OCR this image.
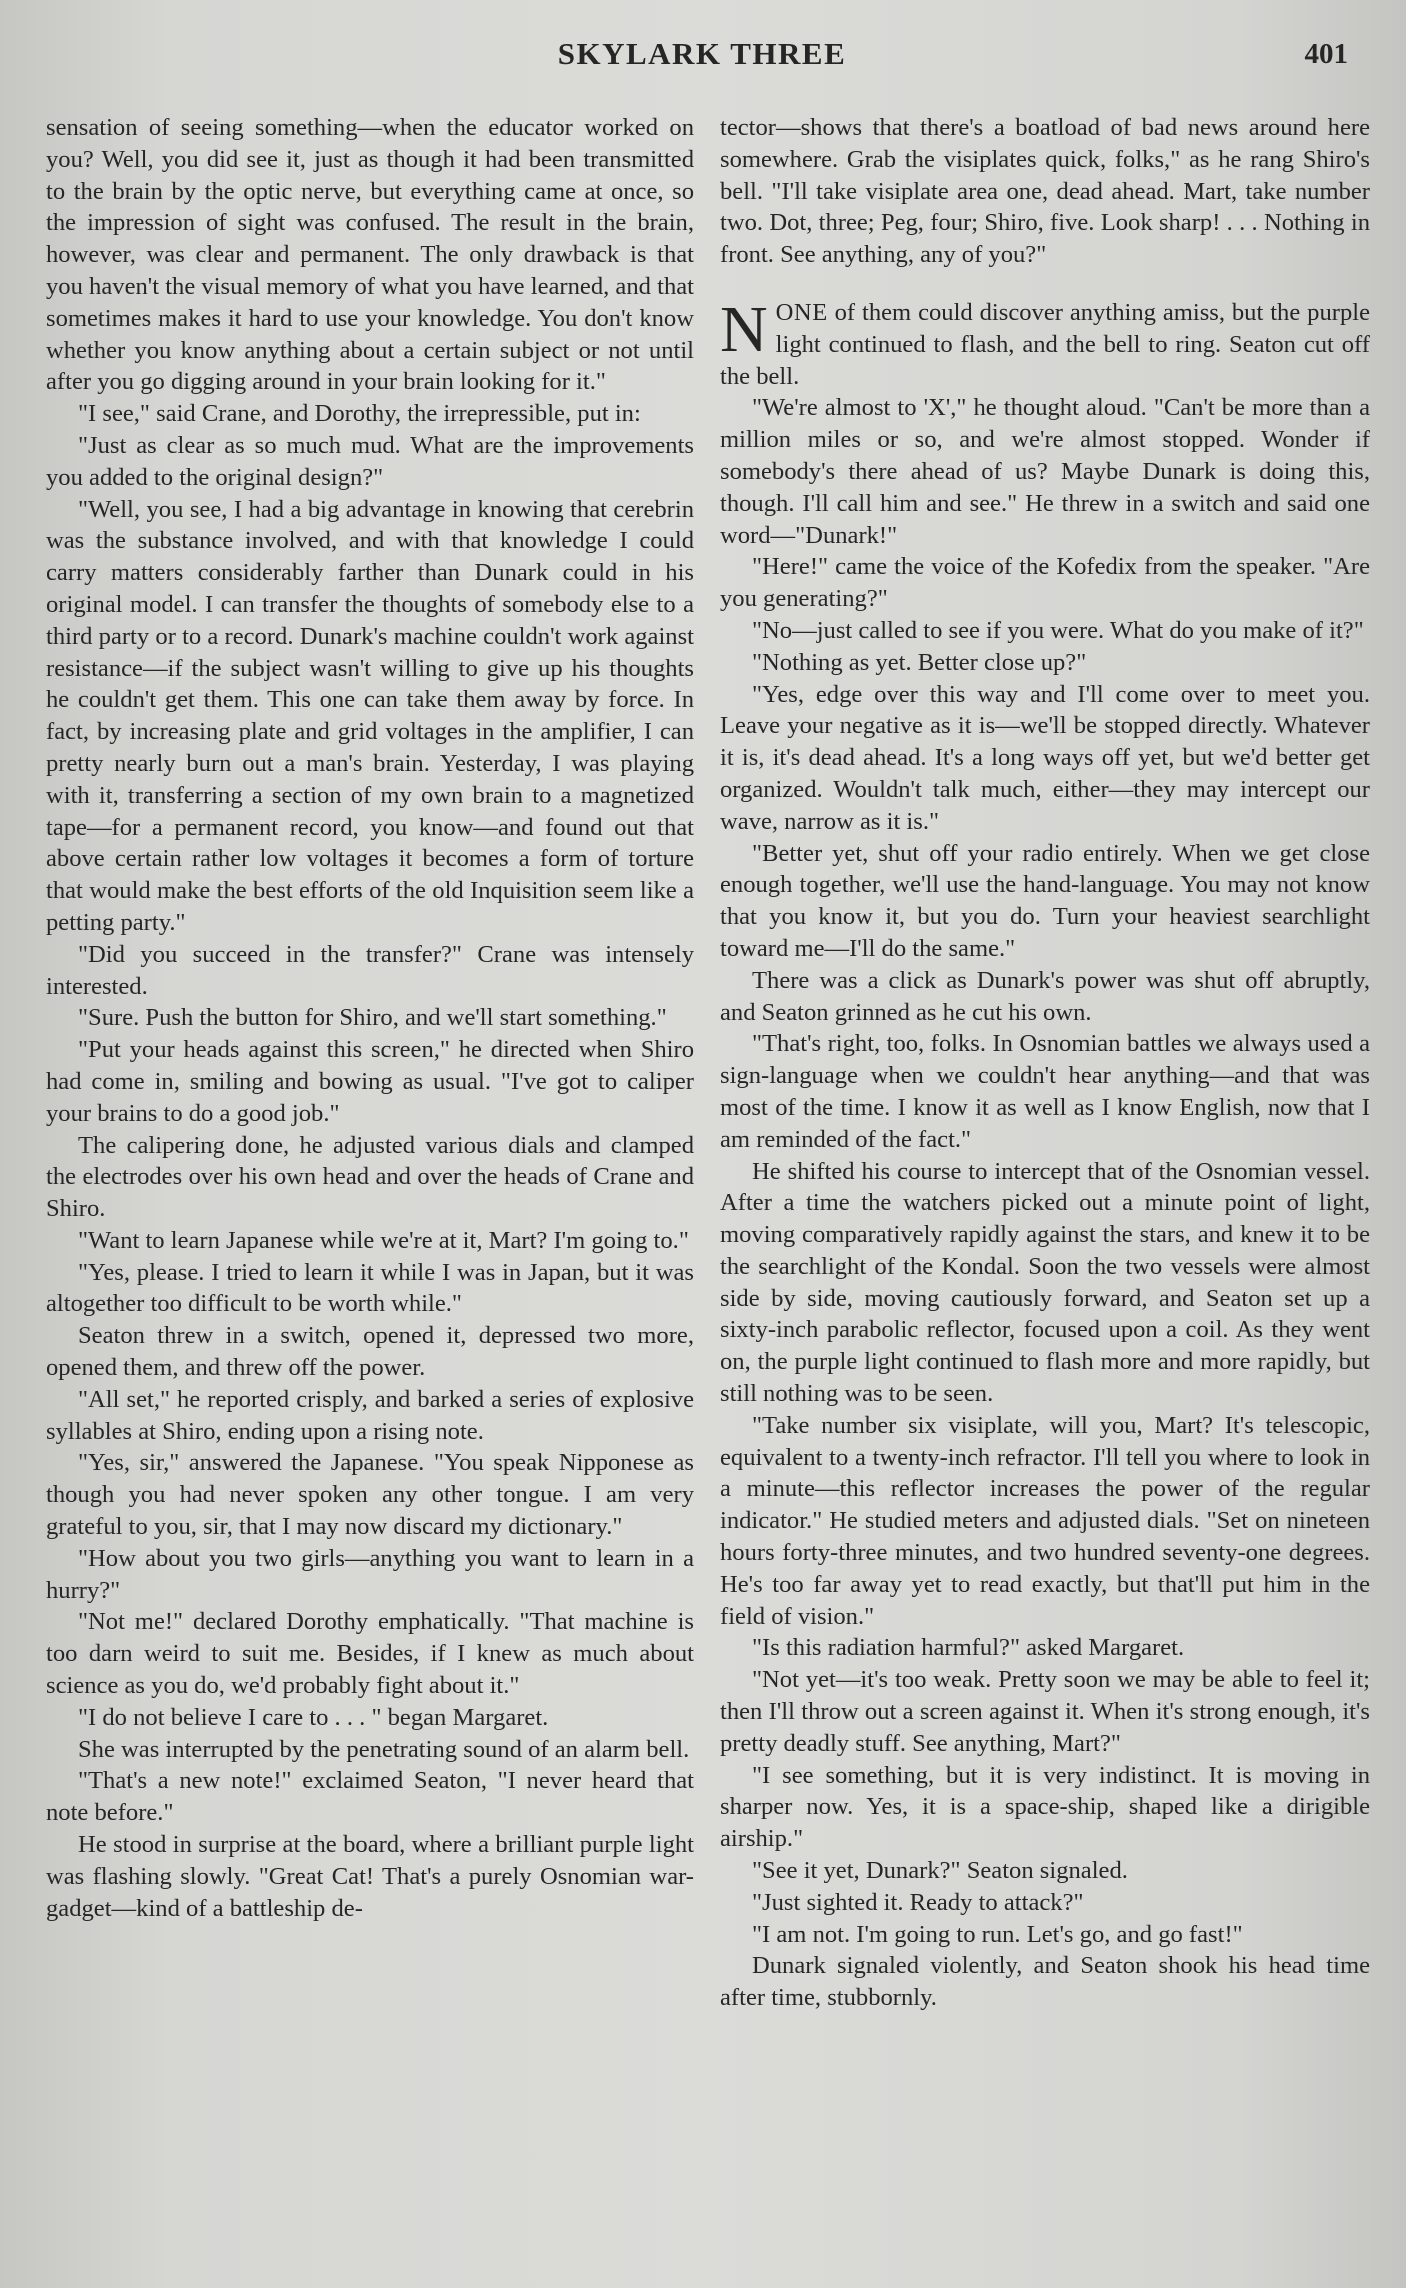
SKYLARK THREE	401

sensation of seeing something—when the educator worked on you? Well, you did see it, just as though it had been transmitted to the brain by the optic nerve, but everything came at once, so the impression of sight was confused. The result in the brain, however, was clear and permanent. The only drawback is that you haven't the visual memory of what you have learned, and that sometimes makes it hard to use your knowledge. You don't know whether you know anything about a certain subject or not until after you go digging around in your brain looking for it."

"I see," said Crane, and Dorothy, the irrepressible, put in:

"Just as clear as so much mud. What are the improvements you added to the original design?"

"Well, you see, I had a big advantage in knowing that cerebrin was the substance involved, and with that knowledge I could carry matters considerably farther than Dunark could in his original model. I can transfer the thoughts of somebody else to a third party or to a record. Dunark's machine couldn't work against resistance—if the subject wasn't willing to give up his thoughts he couldn't get them. This one can take them away by force. In fact, by increasing plate and grid voltages in the amplifier, I can pretty nearly burn out a man's brain. Yesterday, I was playing with it, transferring a section of my own brain to a magnetized tape—for a permanent record, you know—and found out that above certain rather low voltages it becomes a form of torture that would make the best efforts of the old Inquisition seem like a petting party."

"Did you succeed in the transfer?" Crane was intensely interested.

"Sure. Push the button for Shiro, and we'll start something."

"Put your heads against this screen," he directed when Shiro had come in, smiling and bowing as usual. "I've got to caliper your brains to do a good job."

The calipering done, he adjusted various dials and clamped the electrodes over his own head and over the heads of Crane and Shiro.

"Want to learn Japanese while we're at it, Mart? I'm going to."

"Yes, please. I tried to learn it while I was in Japan, but it was altogether too difficult to be worth while."

Seaton threw in a switch, opened it, depressed two more, opened them, and threw off the power.

"All set," he reported crisply, and barked a series of explosive syllables at Shiro, ending upon a rising note.

"Yes, sir," answered the Japanese. "You speak Nipponese as though you had never spoken any other tongue. I am very grateful to you, sir, that I may now discard my dictionary."

"How about you two girls—anything you want to learn in a hurry?"

"Not me!" declared Dorothy emphatically. "That machine is too darn weird to suit me. Besides, if I knew as much about science as you do, we'd probably fight about it."

"I do not believe I care to . . . " began Margaret.

She was interrupted by the penetrating sound of an alarm bell.

"That's a new note!" exclaimed Seaton, "I never heard that note before."

He stood in surprise at the board, where a brilliant purple light was flashing slowly. "Great Cat! That's a purely Osnomian war-gadget—kind of a battleship de-

tector—shows that there's a boatload of bad news around here somewhere. Grab the visiplates quick, folks," as he rang Shiro's bell. "I'll take visiplate area one, dead ahead. Mart, take number two. Dot, three; Peg, four; Shiro, five. Look sharp! . . . Nothing in front. See anything, any of you?"

NONE of them could discover anything amiss, but the purple light continued to flash, and the bell to ring. Seaton cut off the bell.

"We're almost to 'X'," he thought aloud. "Can't be more than a million miles or so, and we're almost stopped. Wonder if somebody's there ahead of us? Maybe Dunark is doing this, though. I'll call him and see." He threw in a switch and said one word—"Dunark!"

"Here!" came the voice of the Kofedix from the speaker. "Are you generating?"

"No—just called to see if you were. What do you make of it?"

"Nothing as yet. Better close up?"

"Yes, edge over this way and I'll come over to meet you. Leave your negative as it is—we'll be stopped directly. Whatever it is, it's dead ahead. It's a long ways off yet, but we'd better get organized. Wouldn't talk much, either—they may intercept our wave, narrow as it is."

"Better yet, shut off your radio entirely. When we get close enough together, we'll use the hand-language. You may not know that you know it, but you do. Turn your heaviest searchlight toward me—I'll do the same."

There was a click as Dunark's power was shut off abruptly, and Seaton grinned as he cut his own.

"That's right, too, folks. In Osnomian battles we always used a sign-language when we couldn't hear anything—and that was most of the time. I know it as well as I know English, now that I am reminded of the fact."

He shifted his course to intercept that of the Osnomian vessel. After a time the watchers picked out a minute point of light, moving comparatively rapidly against the stars, and knew it to be the searchlight of the Kondal. Soon the two vessels were almost side by side, moving cautiously forward, and Seaton set up a sixty-inch parabolic reflector, focused upon a coil. As they went on, the purple light continued to flash more and more rapidly, but still nothing was to be seen.

"Take number six visiplate, will you, Mart? It's telescopic, equivalent to a twenty-inch refractor. I'll tell you where to look in a minute—this reflector increases the power of the regular indicator." He studied meters and adjusted dials. "Set on nineteen hours forty-three minutes, and two hundred seventy-one degrees. He's too far away yet to read exactly, but that'll put him in the field of vision."

"Is this radiation harmful?" asked Margaret.

"Not yet—it's too weak. Pretty soon we may be able to feel it; then I'll throw out a screen against it. When it's strong enough, it's pretty deadly stuff. See anything, Mart?"

"I see something, but it is very indistinct. It is moving in sharper now. Yes, it is a space-ship, shaped like a dirigible airship."

"See it yet, Dunark?" Seaton signaled.

"Just sighted it. Ready to attack?"

"I am not. I'm going to run. Let's go, and go fast!"

Dunark signaled violently, and Seaton shook his head time after time, stubbornly.
